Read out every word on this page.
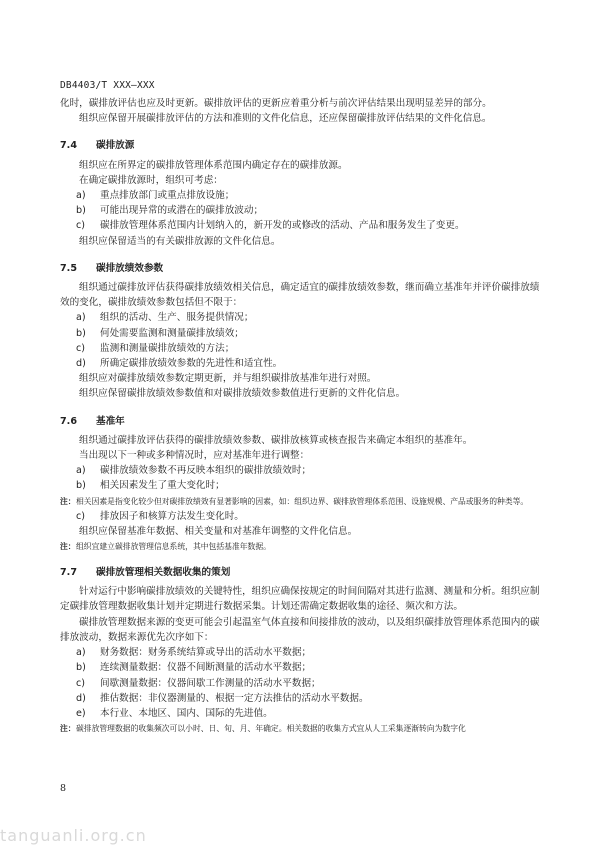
DB4403/T XXX—XXX

化时，碳排放评估也应及时更新。碳排放评估的更新应着重分析与前次评估结果出现明显差异的部分。

组织应保留开展碳排放评估的方法和准则的文件化信息，还应保留碳排放评估结果的文件化信息。

7.4	碳排放源

组织应在所界定的碳排放管理体系范围内确定存在的碳排放源。

在确定碳排放源时，组织可考虑：

a)	重点排放部门或重点排放设施；
b)	可能出现异常的或潜在的碳排放波动；
c)	碳排放管理体系范围内计划纳入的，新开发的或修改的活动、产品和服务发生了变更。

组织应保留适当的有关碳排放源的文件化信息。

7.5	碳排放绩效参数

组织通过碳排放评估获得碳排放绩效相关信息，确定适宜的碳排放绩效参数，继而确立基准年并评价碳排放绩效的变化，碳排放绩效参数包括但不限于：

a)	组织的活动、生产、服务提供情况；
b)	何处需要监测和测量碳排放绩效；
c)	监测和测量碳排放绩效的方法；
d)	所确定碳排放绩效参数的先进性和适宜性。

组织应对碳排放绩效参数定期更新，并与组织碳排放基准年进行对照。

组织应保留碳排放绩效参数值和对碳排放绩效参数值进行更新的文件化信息。

7.6	基准年

组织通过碳排放评估获得的碳排放绩效参数、碳排放核算或核查报告来确定本组织的基准年。

当出现以下一种或多种情况时，应对基准年进行调整：

a)	碳排放绩效参数不再反映本组织的碳排放绩效时；
b)	相关因素发生了重大变化时；
注： 相关因素是指变化较少但对碳排放绩效有显著影响的因素，如：组织边界、碳排放管理体系范围、设施规模、产品或服务的种类等。
c)	排放因子和核算方法发生变化时。

组织应保留基准年数据、相关变量和对基准年调整的文件化信息。

注： 组织宜建立碳排放管理信息系统，其中包括基准年数据。
7.7	碳排放管理相关数据收集的策划

针对运行中影响碳排放绩效的关键特性，组织应确保按规定的时间间隔对其进行监测、测量和分析。组织应制定碳排放管理数据收集计划并定期进行数据采集。计划还需确定数据收集的途径、频次和方法。

碳排放管理数据来源的变更可能会引起温室气体直接和间接排放的波动，以及组织碳排放管理体系范围内的碳排放波动，数据来源优先次序如下：

a)	财务数据：财务系统结算或导出的活动水平数据；
b)	连续测量数据：仪器不间断测量的活动水平数据；
c)	间歇测量数据：仪器间歇工作测量的活动水平数据；
d)	推估数据：非仪器测量的、根据一定方法推估的活动水平数据。
e)	本行业、本地区、国内、国际的先进值。
注： 碳排放管理数据的收集频次可以小时、日、旬、月、年确定。相关数据的收集方式宜从人工采集逐渐转向为数字化
8
tanguanli.org.cn
